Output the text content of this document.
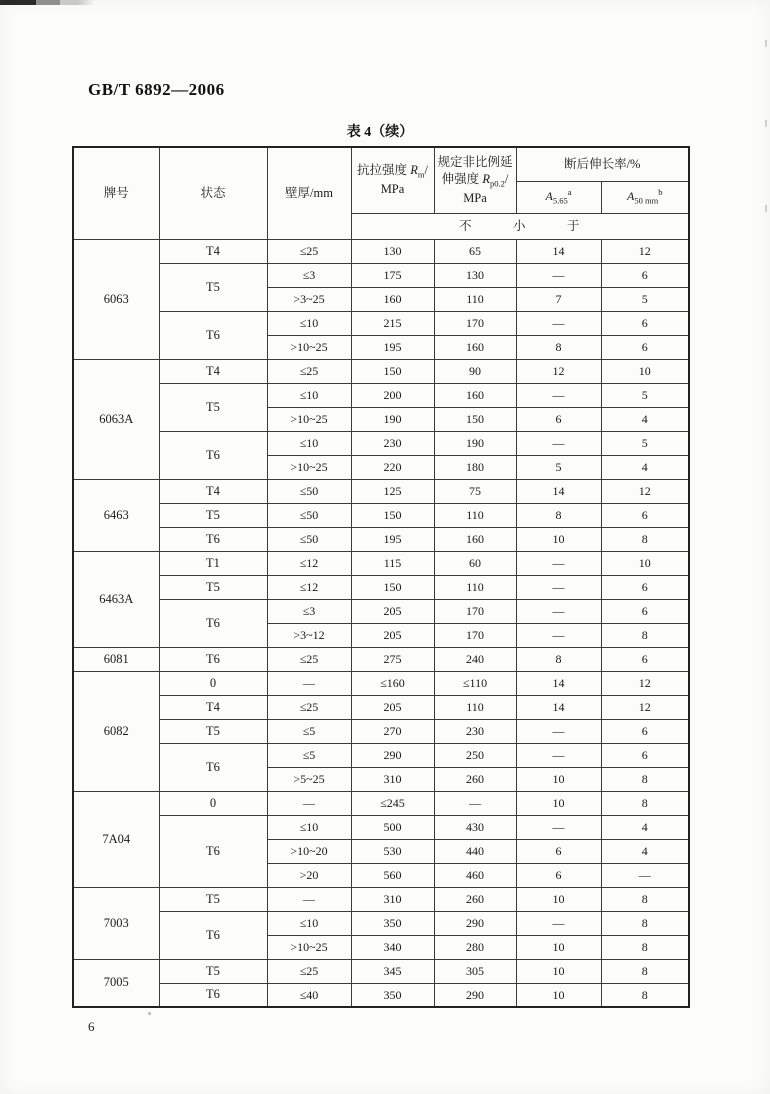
GB/T 6892—2006
表 4（续）
牌号	状态	壁厚/mm	抗拉强度 $R_m/$
MPa	规定非比例延
伸强度 $R_{p0.2}/$
MPa	断后伸长率/%	
					$A_{5.65}^a$	$A_{50 mm}^b$
			不　　　小　　　于			
6063	T4	≤25	130	65	14	12
	T5	≤3	175	130	—	6
		>3~25	160	110	7	5
	T6	≤10	215	170	—	6
		>10~25	195	160	8	6
6063A	T4	≤25	150	90	12	10
	T5	≤10	200	160	—	5
		>10~25	190	150	6	4
	T6	≤10	230	190	—	5
		>10~25	220	180	5	4
6463	T4	≤50	125	75	14	12
	T5	≤50	150	110	8	6
	T6	≤50	195	160	10	8
6463A	T1	≤12	115	60	—	10
	T5	≤12	150	110	—	6
	T6	≤3	205	170	—	6
		>3~12	205	170	—	8
6081	T6	≤25	275	240	8	6
6082	0	—	≤160	≤110	14	12
	T4	≤25	205	110	14	12
	T5	≤5	270	230	—	6
	T6	≤5	290	250	—	6
		>5~25	310	260	10	8
7A04	0	—	≤245	—	10	8
	T6	≤10	500	430	—	4
		>10~20	530	440	6	4
		>20	560	460	6	—
7003	T5	—	310	260	10	8
	T6	≤10	350	290	—	8
		>10~25	340	280	10	8
7005	T5	≤25	345	305	10	8
	T6	≤40	350	290	10	8
6
